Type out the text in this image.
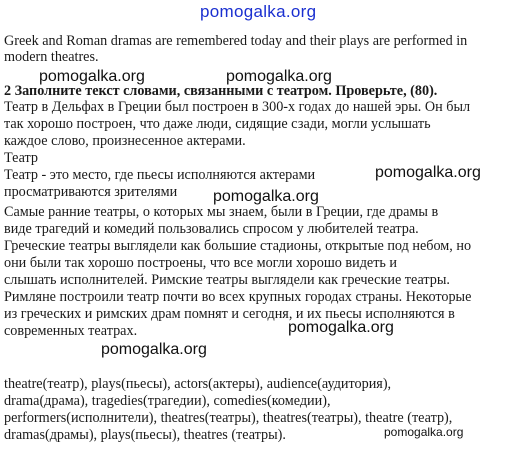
pomogalka.org
Greek and Roman dramas are remembered today and their plays are performed in
modern theatres.
2 Заполните текст словами, связанными с театром. Проверьте, (80).
Театр в Дельфах в Греции был построен в 300-х годах до нашей эры. Он был
так хорошо построен, что даже люди, сидящие сзади, могли услышать
каждое слово, произнесенное актерами.
Театр
Театр - это место, где пьесы исполняются актерами
просматриваются зрителями
Самые ранние театры, о которых мы знаем, были в Греции, где драмы в
виде трагедий и комедий пользовались спросом у любителей театра.
Греческие театры выглядели как большие стадионы, открытые под небом, но
они были так хорошо построены, что все могли хорошо видеть и
слышать исполнителей. Римские театры выглядели как греческие театры.
Римляне построили театр почти во всех крупных городах страны. Некоторые
из греческих и римских драм помнят и сегодня, и их пьесы исполняются в
современных театрах.
theatre(театр), plays(пьесы), actors(актеры), audience(аудитория),
drama(драма), tragedies(трагедии), comedies(комедии),
performers(исполнители), theatres(театры), theatres(театры), theatre (театр),
dramas(драмы), plays(пьесы), theatres (театры).
pomogalka.org	pomogalka.org
pomogalka.org
pomogalka.org
pomogalka.org
pomogalka.org
pomogalka.org
